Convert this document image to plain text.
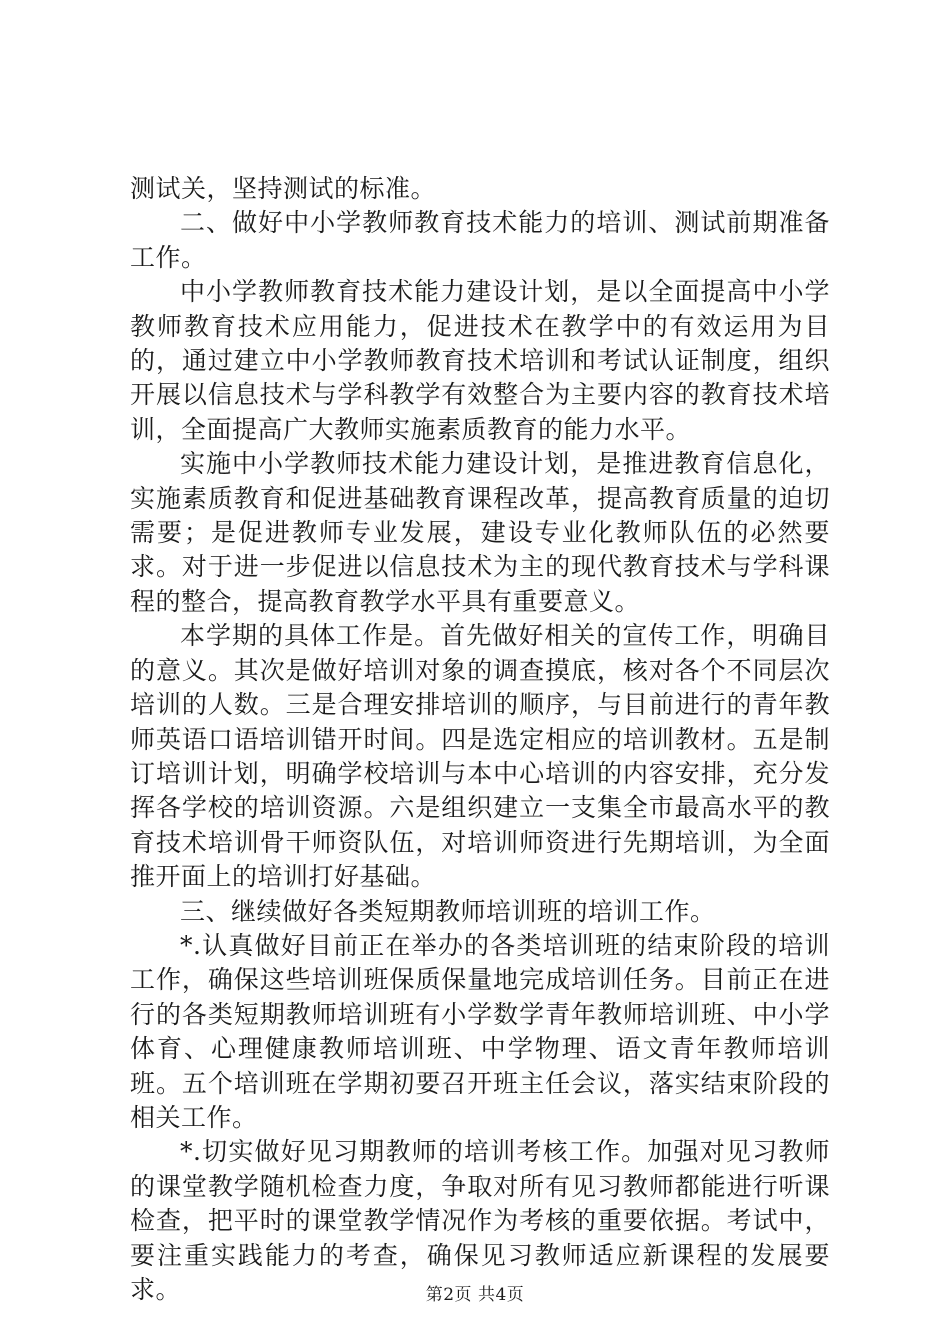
测试关，坚持测试的标准。

二、做好中小学教师教育技术能力的培训、测试前期准备工作。

中小学教师教育技术能力建设计划，是以全面提高中小学教师教育技术应用能力，促进技术在教学中的有效运用为目的，通过建立中小学教师教育技术培训和考试认证制度，组织开展以信息技术与学科教学有效整合为主要内容的教育技术培训，全面提高广大教师实施素质教育的能力水平。

实施中小学教师技术能力建设计划，是推进教育信息化，实施素质教育和促进基础教育课程改革，提高教育质量的迫切需要；是促进教师专业发展，建设专业化教师队伍的必然要求。对于进一步促进以信息技术为主的现代教育技术与学科课程的整合，提高教育教学水平具有重要意义。

本学期的具体工作是。首先做好相关的宣传工作，明确目的意义。其次是做好培训对象的调查摸底，核对各个不同层次培训的人数。三是合理安排培训的顺序，与目前进行的青年教师英语口语培训错开时间。四是选定相应的培训教材。五是制订培训计划，明确学校培训与本中心培训的内容安排，充分发挥各学校的培训资源。六是组织建立一支集全市最高水平的教育技术培训骨干师资队伍，对培训师资进行先期培训，为全面推开面上的培训打好基础。

三、继续做好各类短期教师培训班的培训工作。

*.认真做好目前正在举办的各类培训班的结束阶段的培训工作，确保这些培训班保质保量地完成培训任务。目前正在进行的各类短期教师培训班有小学数学青年教师培训班、中小学体育、心理健康教师培训班、中学物理、语文青年教师培训班。五个培训班在学期初要召开班主任会议，落实结束阶段的相关工作。

*.切实做好见习期教师的培训考核工作。加强对见习教师的课堂教学随机检查力度，争取对所有见习教师都能进行听课检查，把平时的课堂教学情况作为考核的重要依据。考试中，要注重实践能力的考查，确保见习教师适应新课程的发展要求。	第2页 共4页
